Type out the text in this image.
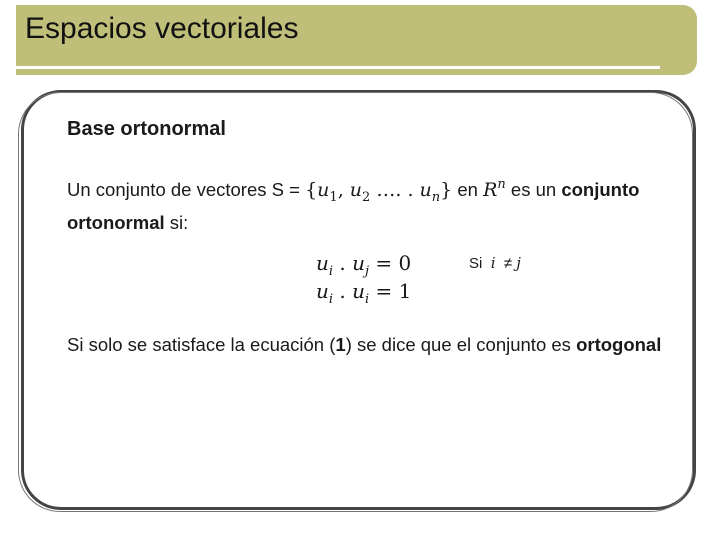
Espacios vectoriales
Base ortonormal

Un conjunto de vectores $S = \{u_1$, $u_2$ …. . $u_n$} en $R^n$ es un conjunto ortonormal si:

$u_i$ . $u_j = 0$	Si i ≠ j
$u_i$ . $u_i = 1$

Si solo se satisface la ecuación (1) se dice que el conjunto es ortogonal
